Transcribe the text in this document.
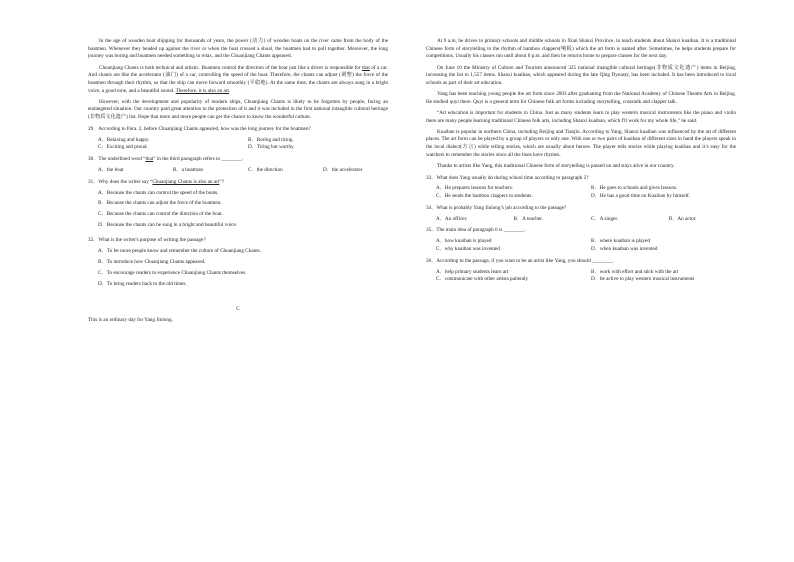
In the age of wooden boat shipping for thousands of years, the power (动力) of wooden boats on the river came from the body of the boatmen. Whenever they headed up against the river or when the boat crossed a shoal, the boatmen had to pull together. Moreover, the long journey was boring and boatmen needed something to relax, and the Chuanjiang Chants appeared.

Chuanjiang Chants is both technical and artistic. Boatmen control the direction of the boat just like a driver is responsible for that of a car. And chants are like the accelerator (油门) of a car, controlling the speed of the boat. Therefore, the chants can adjust (调整) the force of the boatmen through their rhythm, so that the ship can move forward smoothly (平稳地). At the same time, the chants are always sung in a bright voice, a good tone, and a beautiful sound. Therefore, it is also an art.

However, with the development and popularity of modern ships, Chuanjiang Chants is likely to be forgotten by people, facing an endangered situation. Our country paid great attention to the protection of it and it was included in the first national intangible cultural heritage (非物质文化遗产) list. Hope that more and more people can get the chance to know the wonderful culture.

29．According to Para. 2, before Chuanjiang Chants appeared, how was the long journey for the boatmen?

A．Relaxing and happy.	B．Boring and tiring.
C．Exciting and proud.	D．Tiring but worthy.

30．The underlined word “that” in the third paragraph refers to ________.

A．the boat	B．a boatman	C．the direction	D．the accelerator

31．Why does the writer say “Chuanjiang Chants is also an art”?

A．Because the chants can control the speed of the boats.
B．Because the chants can adjust the force of the boatmen.
C．Because the chants can control the direction of the boat.
D．Because the chants can be sung in a bright and beautiful voice.

32．What is the writer's purpose of writing the passage?

A．To let more people know and remember the culture of Chuanjiang Chants.
B．To introduce how Chuanjiang Chants appeared.
C．To encourage readers to experience Chuanjiang Chants themselves.
D．To bring readers back to the old times.
C

This is an ordinary day for Yang Jinlong.

At 9 a.m, he drives to primary schools and middle schools in Xian Shanxi Province, to teach students about Shanxi kuaiban. It is a traditional Chinese form of storytelling to the rhythm of bamboo clappers(响板) which the art form is named after. Sometimes, he helps students prepare for competitions. Usually his classes run until about 6 p.m. and then he returns home to prepare classes for the next day.

On June 10 the Ministry of Culture and Tourism announced 325 national intangible cultural heritage(非物质文化遗产) items in Beijing, increasing the list to 1,557 items. Shanxi kuaiban, which appeared during the late Qing Dynasty, has been included. It has been introduced to local schools as part of their art education.

Yang has been teaching young people the art form since 2003 after graduating from the National Academy of Chinese Theatre Arts in Beijing. He studied quyi there. Quyi is a general term for Chinese folk art forms including storytelling, crosstalk and clapper talk.

“Art education is important for students in China. Just as many students learn to play western musical instruments like the piano and violin there are many people learning traditional Chinese folk arts, including Shanxi kuaiban, which I'll work for my whole life,” he said.

Kuaiban is popular in northern China, including Beijing and Tianjin. According to Yang, Shanxi kuaiban was influenced by the art of different places. The art form can be played by a group of players or only one. With one or two pairs of kuaiban of different sizes in hand the players speak in the local dialect(方言) while telling stories, which are usually about heroes. The player tells stories while playing kuaiban and it’s easy for the watchers to remember the stories since all the lines have rhymes.

Thanks to artists like Yang, this traditional Chinese form of storytelling is passed on and stays alive in our country.

33．What does Yang usually do during school time according to paragraph 2?

A．He prepares lessons for teachers.	B．He goes to schools and gives lessons.
C．He sends the bamboo clappers to students.	D．He has a good time on Kuaiban by himself.

34．What is probably Yang Jinlong’s job according to the passage?

A．An officer.	B．A teacher.	C．A singer.	D．An actor.

35．The main idea of paragraph 6 is ________.

A．how kuaiban is played	B．where kuaiban is played
C．why kuaiban was invented	D．when kuaiban was invented

36．According to the passage, if you want to be an artist like Yang, you should ________.

A．help primary students learn art	B．work with effort and stick with the art
C．communicate with other artists patiently	D．be active to play western musical instruments
